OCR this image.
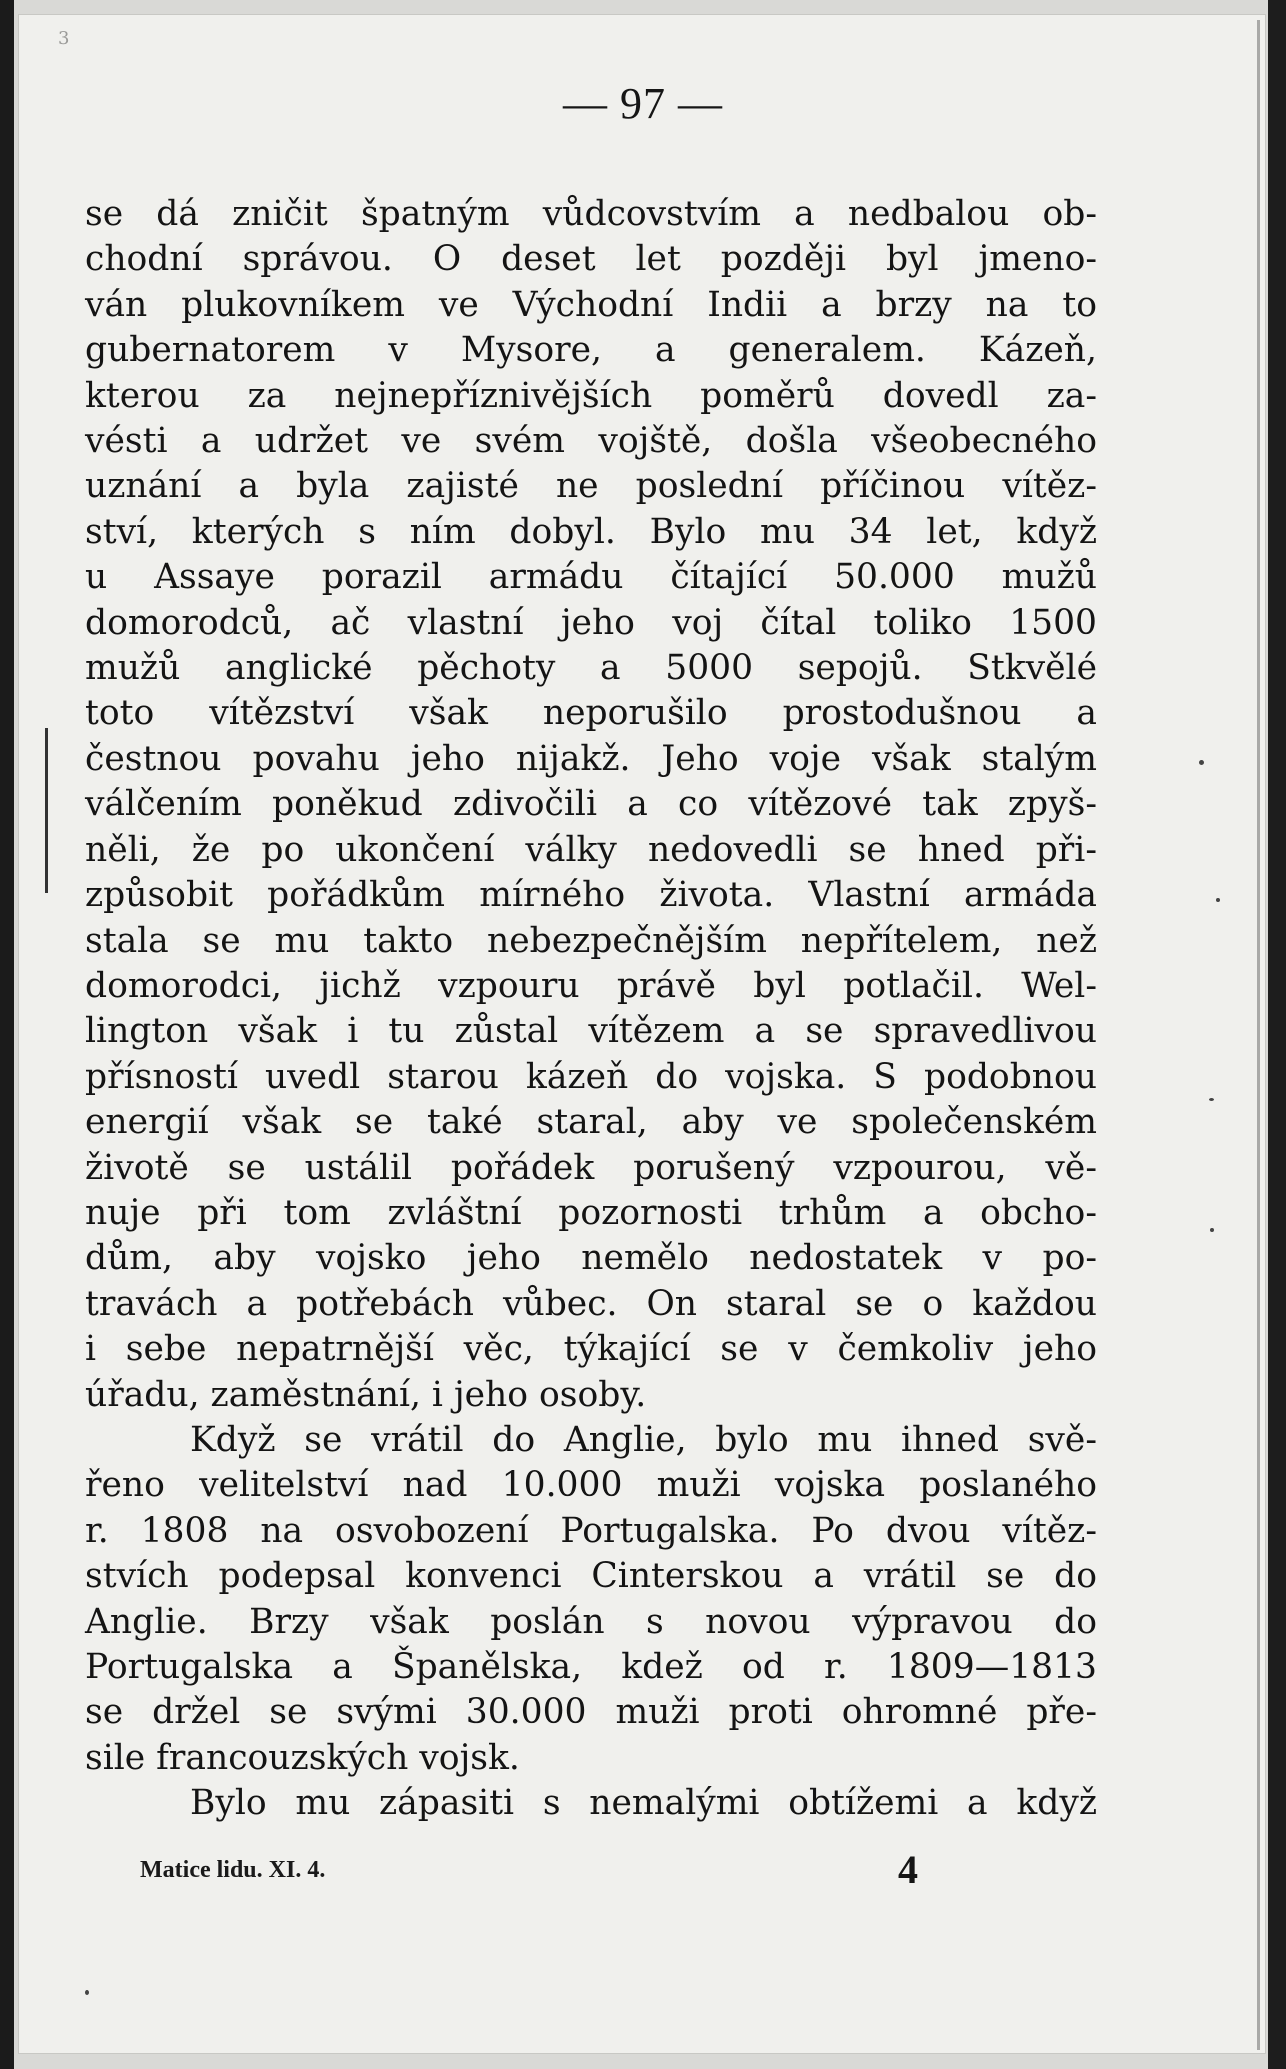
3
— 97 —
se dá zničit špatným vůdcovstvím a nedbalou ob-
chodní správou. O deset let později byl jmeno-
ván plukovníkem ve Východní Indii a brzy na to
gubernatorem v Mysore, a generalem. Kázeň,
kterou za nejnepříznivějších poměrů dovedl za-
vésti a udržet ve svém vojště, došla všeobecného
uznání a byla zajisté ne poslední příčinou vítěz-
ství, kterých s ním dobyl. Bylo mu 34 let, když
u Assaye porazil armádu čítající 50.000 mužů
domorodců, ač vlastní jeho voj čítal toliko 1500
mužů anglické pěchoty a 5000 sepojů. Stkvělé
toto vítězství však neporušilo prostodušnou a
čestnou povahu jeho nijakž. Jeho voje však stalým
válčením poněkud zdivočili a co vítězové tak zpyš-
něli, že po ukončení války nedovedli se hned při-
způsobit pořádkům mírného života. Vlastní armáda
stala se mu takto nebezpečnějším nepřítelem, než
domorodci, jichž vzpouru právě byl potlačil. Wel-
lington však i tu zůstal vítězem a se spravedlivou
přísností uvedl starou kázeň do vojska. S podobnou
energií však se také staral, aby ve společenském
životě se ustálil pořádek porušený vzpourou, vě-
nuje při tom zvláštní pozornosti trhům a obcho-
dům, aby vojsko jeho nemělo nedostatek v po-
travách a potřebách vůbec. On staral se o každou
i sebe nepatrnější věc, týkající se v čemkoliv jeho
úřadu, zaměstnání, i jeho osoby.
Když se vrátil do Anglie, bylo mu ihned svě-
řeno velitelství nad 10.000 muži vojska poslaného
r. 1808 na osvobození Portugalska. Po dvou vítěz-
stvích podepsal konvenci Cinterskou a vrátil se do
Anglie. Brzy však poslán s novou výpravou do
Portugalska a Španělska, kdež od r. 1809—1813
se držel se svými 30.000 muži proti ohromné pře-
sile francouzských vojsk.
Bylo mu zápasiti s nemalými obtížemi a když
Matice lidu. XI. 4.	4
